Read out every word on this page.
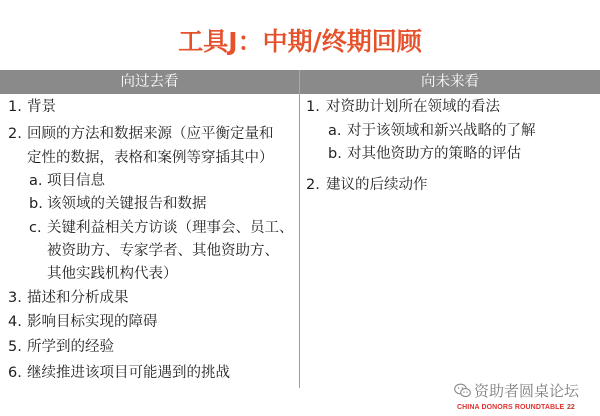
工具J：中期/终期回顾
向过去看	向未来看
1. 背景
2. 回顾的方法和数据来源（应平衡定量和
定性的数据，表格和案例等穿插其中）
a. 项目信息
b. 该领域的关键报告和数据
c. 关键利益相关方访谈（理事会、员工、
被资助方、专家学者、其他资助方、
其他实践机构代表）
3. 描述和分析成果
4. 影响目标实现的障碍
5. 所学到的经验
6. 继续推进该项目可能遇到的挑战
1. 对资助计划所在领域的看法
a. 对于该领域和新兴战略的了解
b. 对其他资助方的策略的评估
2. 建议的后续动作
资助者圆桌论坛
CHINA DONORS ROUNDTABLE 22
